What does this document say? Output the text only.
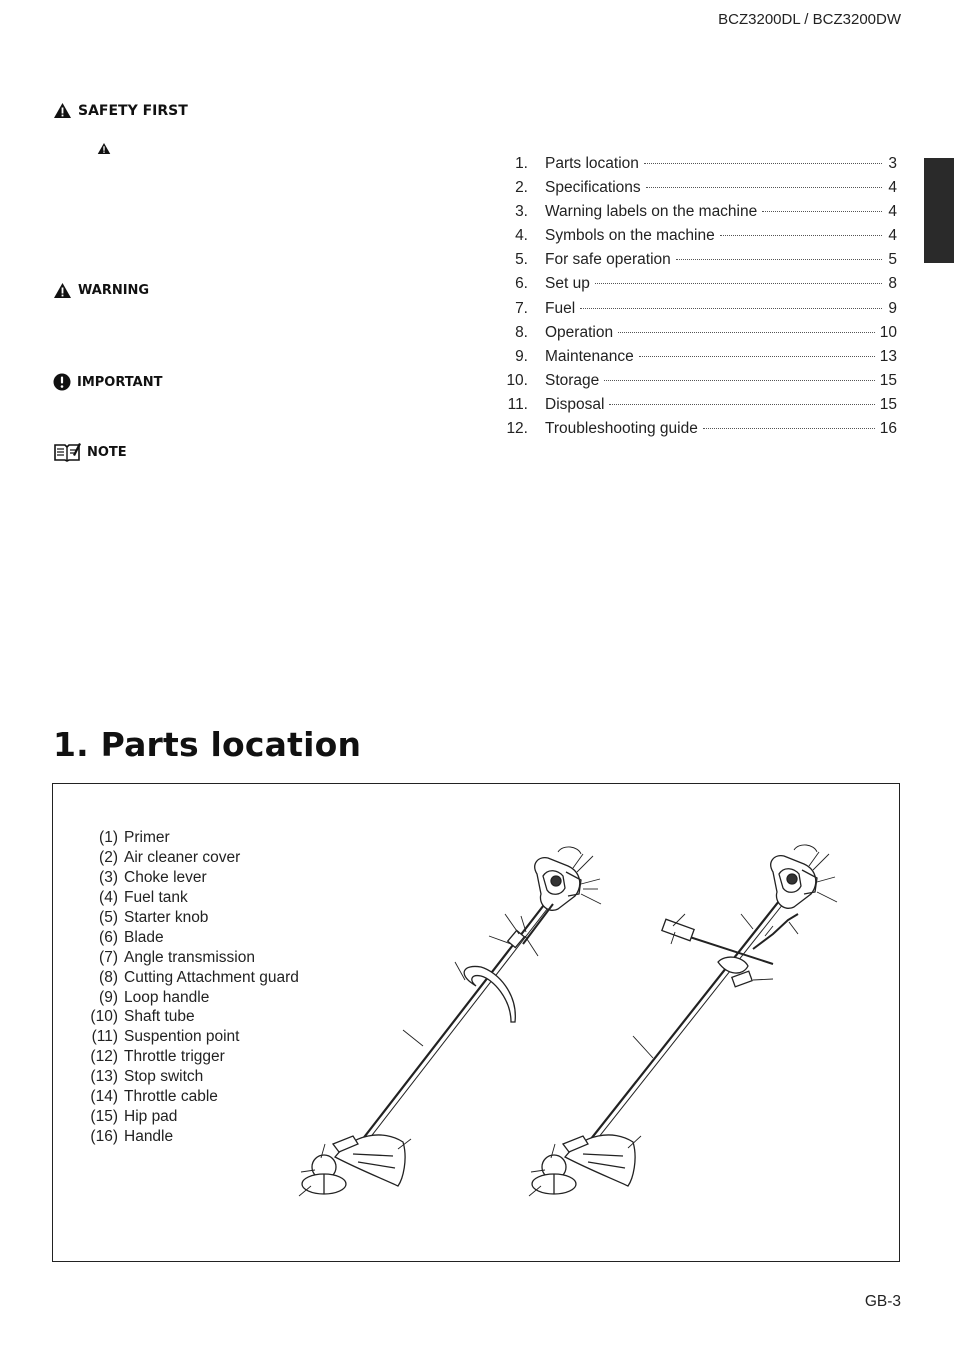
BCZ3200DL / BCZ3200DW
SAFETY FIRST
WARNING
IMPORTANT
NOTE
1. Parts location	3
2. Specifications	4
3. Warning labels on the machine	4
4. Symbols on the machine	4
5. For safe operation	5
6. Set up	8
7. Fuel	9
8. Operation	10
9. Maintenance	13
10. Storage	15
11. Disposal	15
12. Troubleshooting guide	16
1. Parts location
(1) Primer
(2) Air cleaner cover
(3) Choke lever
(4) Fuel tank
(5) Starter knob
(6) Blade
(7) Angle transmission
(8) Cutting Attachment guard
(9) Loop handle
(10) Shaft tube
(11) Suspention point
(12) Throttle trigger
(13) Stop switch
(14) Throttle cable
(15) Hip pad
(16) Handle
GB-3
